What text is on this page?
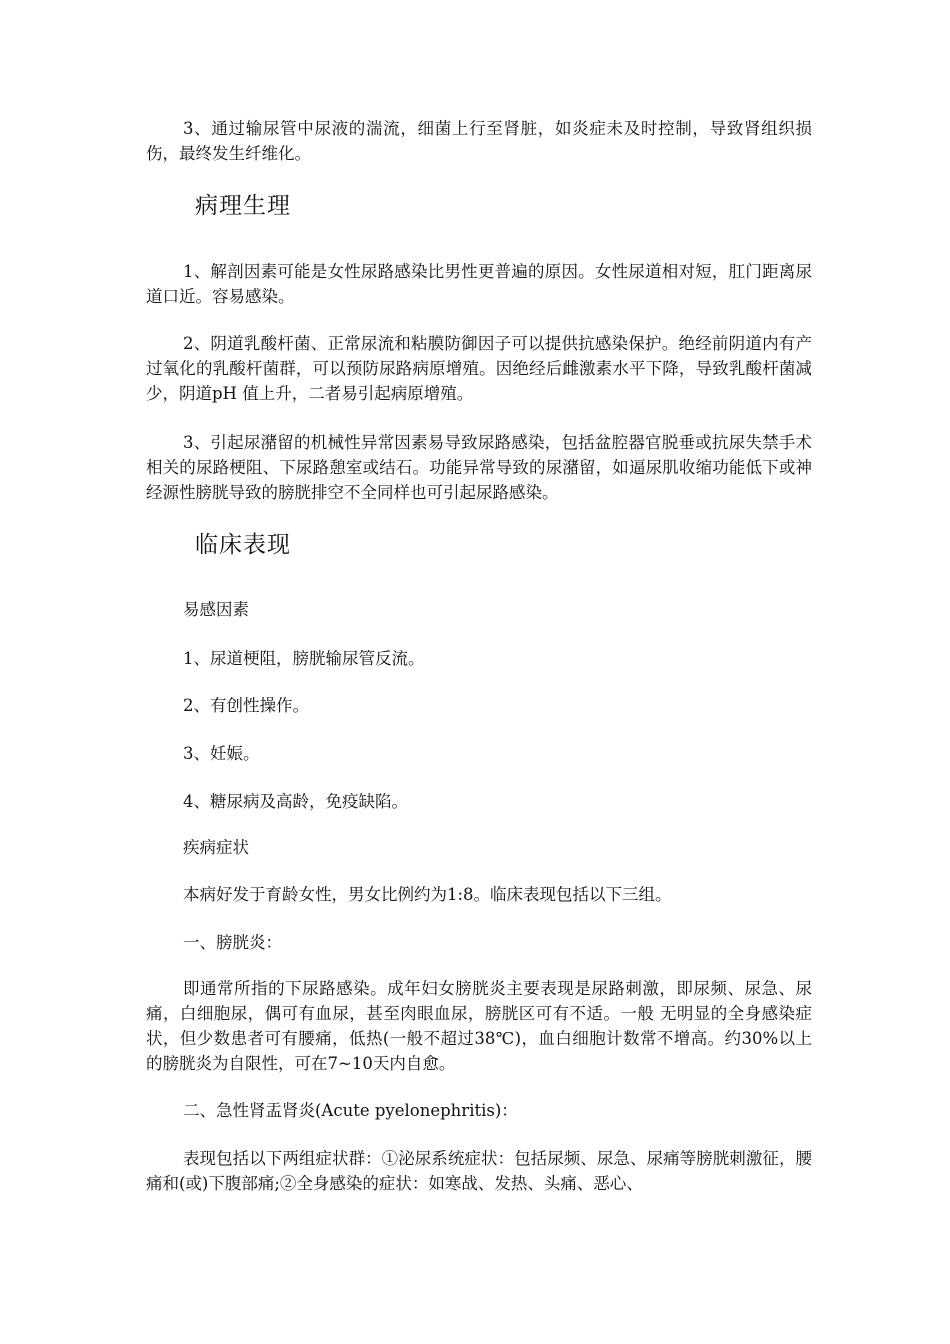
3、通过输尿管中尿液的湍流，细菌上行至肾脏，如炎症未及时控制，导致肾组织损伤，最终发生纤维化。

病理生理

1、解剖因素可能是女性尿路感染比男性更普遍的原因。女性尿道相对短，肛门距离尿道口近。容易感染。

2、阴道乳酸杆菌、正常尿流和粘膜防御因子可以提供抗感染保护。绝经前阴道内有产过氧化的乳酸杆菌群，可以预防尿路病原增殖。因绝经后雌激素水平下降，导致乳酸杆菌减少，阴道pH 值上升，二者易引起病原增殖。

3、引起尿潴留的机械性异常因素易导致尿路感染，包括盆腔器官脱垂或抗尿失禁手术相关的尿路梗阻、下尿路憩室或结石。功能异常导致的尿潴留，如逼尿肌收缩功能低下或神经源性膀胱导致的膀胱排空不全同样也可引起尿路感染。

临床表现

易感因素

1、尿道梗阻，膀胱输尿管反流。

2、有创性操作。

3、妊娠。

4、糖尿病及高龄，免疫缺陷。

疾病症状

本病好发于育龄女性，男女比例约为1:8。临床表现包括以下三组。

一、膀胱炎：

即通常所指的下尿路感染。成年妇女膀胱炎主要表现是尿路刺激，即尿频、尿急、尿痛，白细胞尿，偶可有血尿，甚至肉眼血尿，膀胱区可有不适。一般 无明显的全身感染症状，但少数患者可有腰痛，低热(一般不超过38℃)，血白细胞计数常不增高。约30%以上的膀胱炎为自限性，可在7~10天内自愈。

二、急性肾盂肾炎(Acute pyelonephritis)：

表现包括以下两组症状群：①泌尿系统症状：包括尿频、尿急、尿痛等膀胱刺激征，腰痛和(或)下腹部痛;②全身感染的症状：如寒战、发热、头痛、恶心、
